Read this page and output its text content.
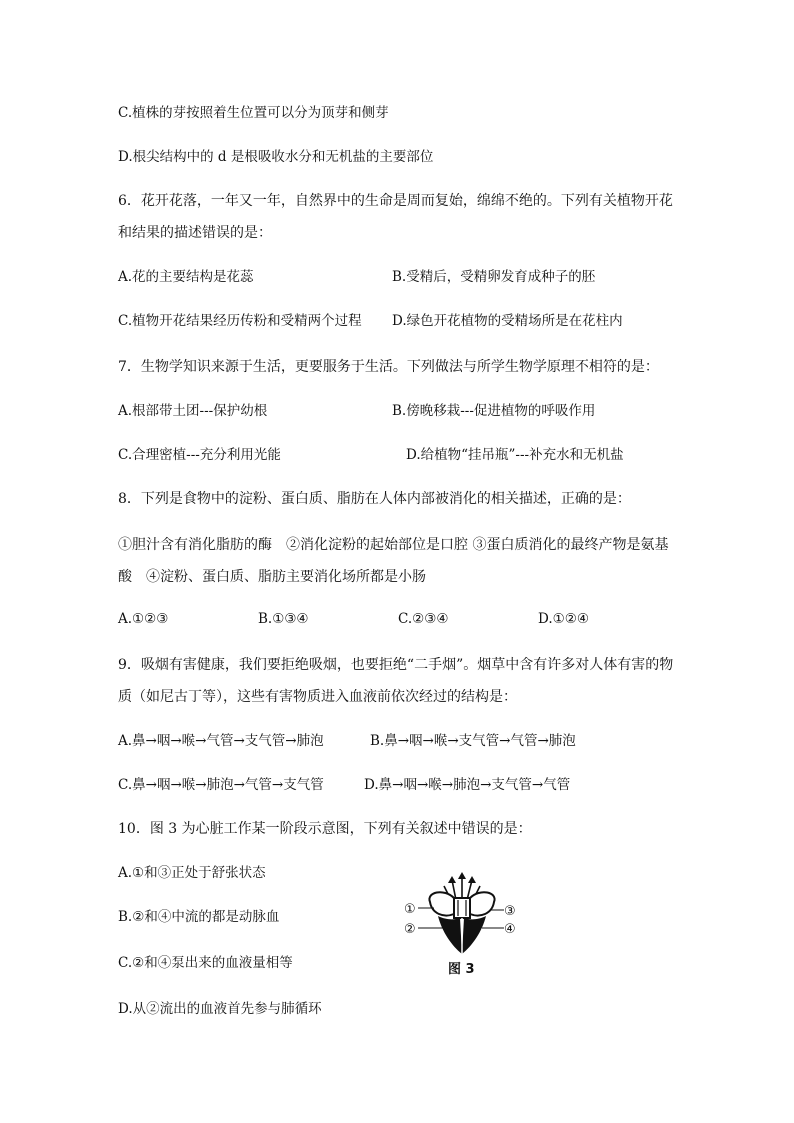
C.植株的芽按照着生位置可以分为顶芽和侧芽
D.根尖结构中的 d 是根吸收水分和无机盐的主要部位
6．花开花落，一年又一年，自然界中的生命是周而复始，绵绵不绝的。下列有关植物开花
和结果的描述错误的是：
A.花的主要结构是花蕊	B.受精后，受精卵发育成种子的胚
C.植物开花结果经历传粉和受精两个过程 D.绿色开花植物的受精场所是在花柱内
7．生物学知识来源于生活，更要服务于生活。下列做法与所学生物学原理不相符的是：
A.根部带土团---保护幼根	B.傍晚移栽---促进植物的呼吸作用
C.合理密植---充分利用光能	D.给植物“挂吊瓶”---补充水和无机盐
8．下列是食物中的淀粉、蛋白质、脂肪在人体内部被消化的相关描述，正确的是：
①胆汁含有消化脂肪的酶　②消化淀粉的起始部位是口腔 ③蛋白质消化的最终产物是氨基
酸　④淀粉、蛋白质、脂肪主要消化场所都是小肠
A.①②③	B.①③④	C.②③④	D.①②④
9．吸烟有害健康，我们要拒绝吸烟，也要拒绝“二手烟”。烟草中含有许多对人体有害的物
质（如尼古丁等），这些有害物质进入血液前依次经过的结构是：
A.鼻→咽→喉→气管→支气管→肺泡	B.鼻→咽→喉→支气管→气管→肺泡
C.鼻→咽→喉→肺泡→气管→支气管	D.鼻→咽→喉→肺泡→支气管→气管
10．图 3 为心脏工作某一阶段示意图，下列有关叙述中错误的是：
A.①和③正处于舒张状态
B.②和④中流的都是动脉血
C.②和④泵出来的血液量相等
D.从②流出的血液首先参与肺循环
①
②
③
④
图 3
